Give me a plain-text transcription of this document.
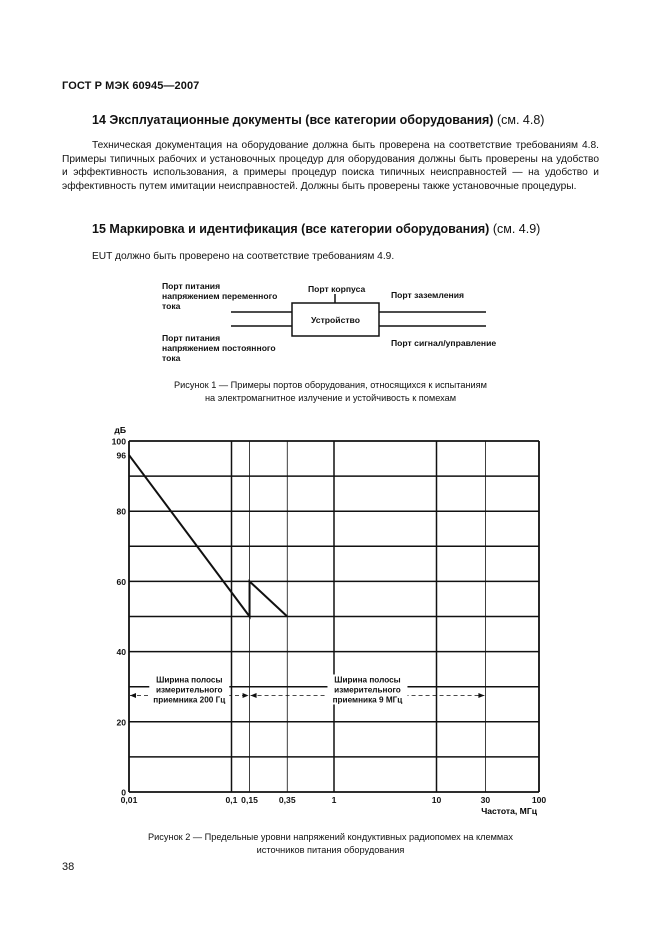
ГОСТ Р МЭК 60945—2007
14 Эксплуатационные документы (все категории оборудования) (см. 4.8)
Техническая документация на оборудование должна быть проверена на соответствие требованиям 4.8. Примеры типичных рабочих и установочных процедур для оборудования должны быть проверены на удобство и эффективность использования, а примеры процедур поиска типичных неисправностей — на удобство и эффективность путем имитации неисправностей. Должны быть проверены также установочные процедуры.
15 Маркировка и идентификация (все категории оборудования) (см. 4.9)
EUT должно быть проверено на соответствие требованиям 4.9.
Порт питания
напряжением переменного
тока
Порт питания
напряжением постоянного
тока
Порт корпуса
Порт заземления
Порт сигнал/управление
Устройство
Рисунок 1 — Примеры портов оборудования, относящихся к испытаниям
на электромагнитное излучение и устойчивость к помехам
0
20
40
60
80
96
100
0,01	0,1 0,15 0,35	1	10	30	100
Ширина полосы
измерительного
приемника 200 Гц
Ширина полосы
измерительного
приемника 9 МГц
дБ
Частота, МГц
Рисунок 2 — Предельные уровни напряжений кондуктивных радиопомех на клеммах
источников питания оборудования
38
